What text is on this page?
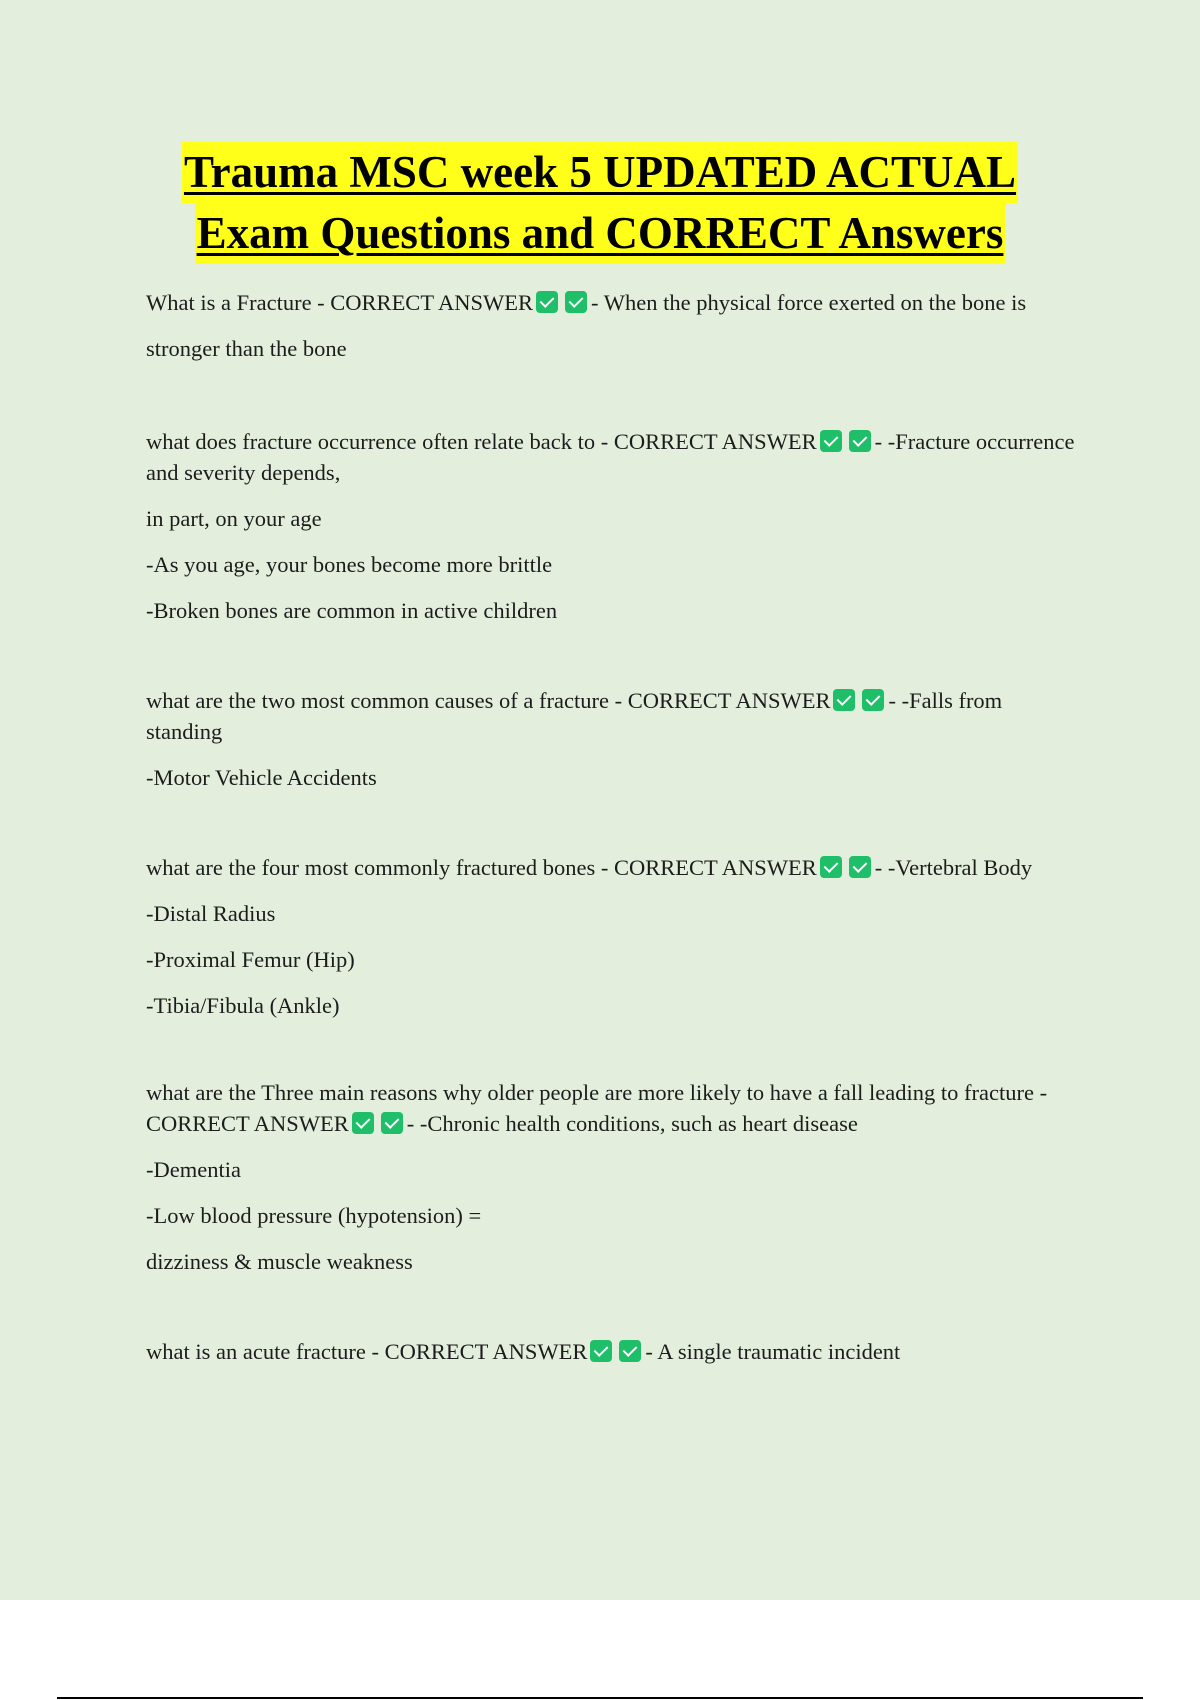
Trauma MSC week 5 UPDATED ACTUAL
Exam Questions and CORRECT Answers
What is a Fracture - CORRECT ANSWER	- When the physical force exerted on the bone is stronger than the bone
what does fracture occurrence often relate back to - CORRECT ANSWER	- -Fracture occurrence and severity depends,
in part, on your age
-As you age, your bones become more brittle
-Broken bones are common in active children
what are the two most common causes of a fracture - CORRECT ANSWER	- -Falls from standing
-Motor Vehicle Accidents
what are the four most commonly fractured bones - CORRECT ANSWER	- -Vertebral Body
-Distal Radius
-Proximal Femur (Hip)
-Tibia/Fibula (Ankle)
what are the Three main reasons why older people are more likely to have a fall leading to fracture - CORRECT ANSWER	- -Chronic health conditions, such as heart disease
-Dementia
-Low blood pressure (hypotension) =
dizziness & muscle weakness
what is an acute fracture - CORRECT ANSWER	- A single traumatic incident
